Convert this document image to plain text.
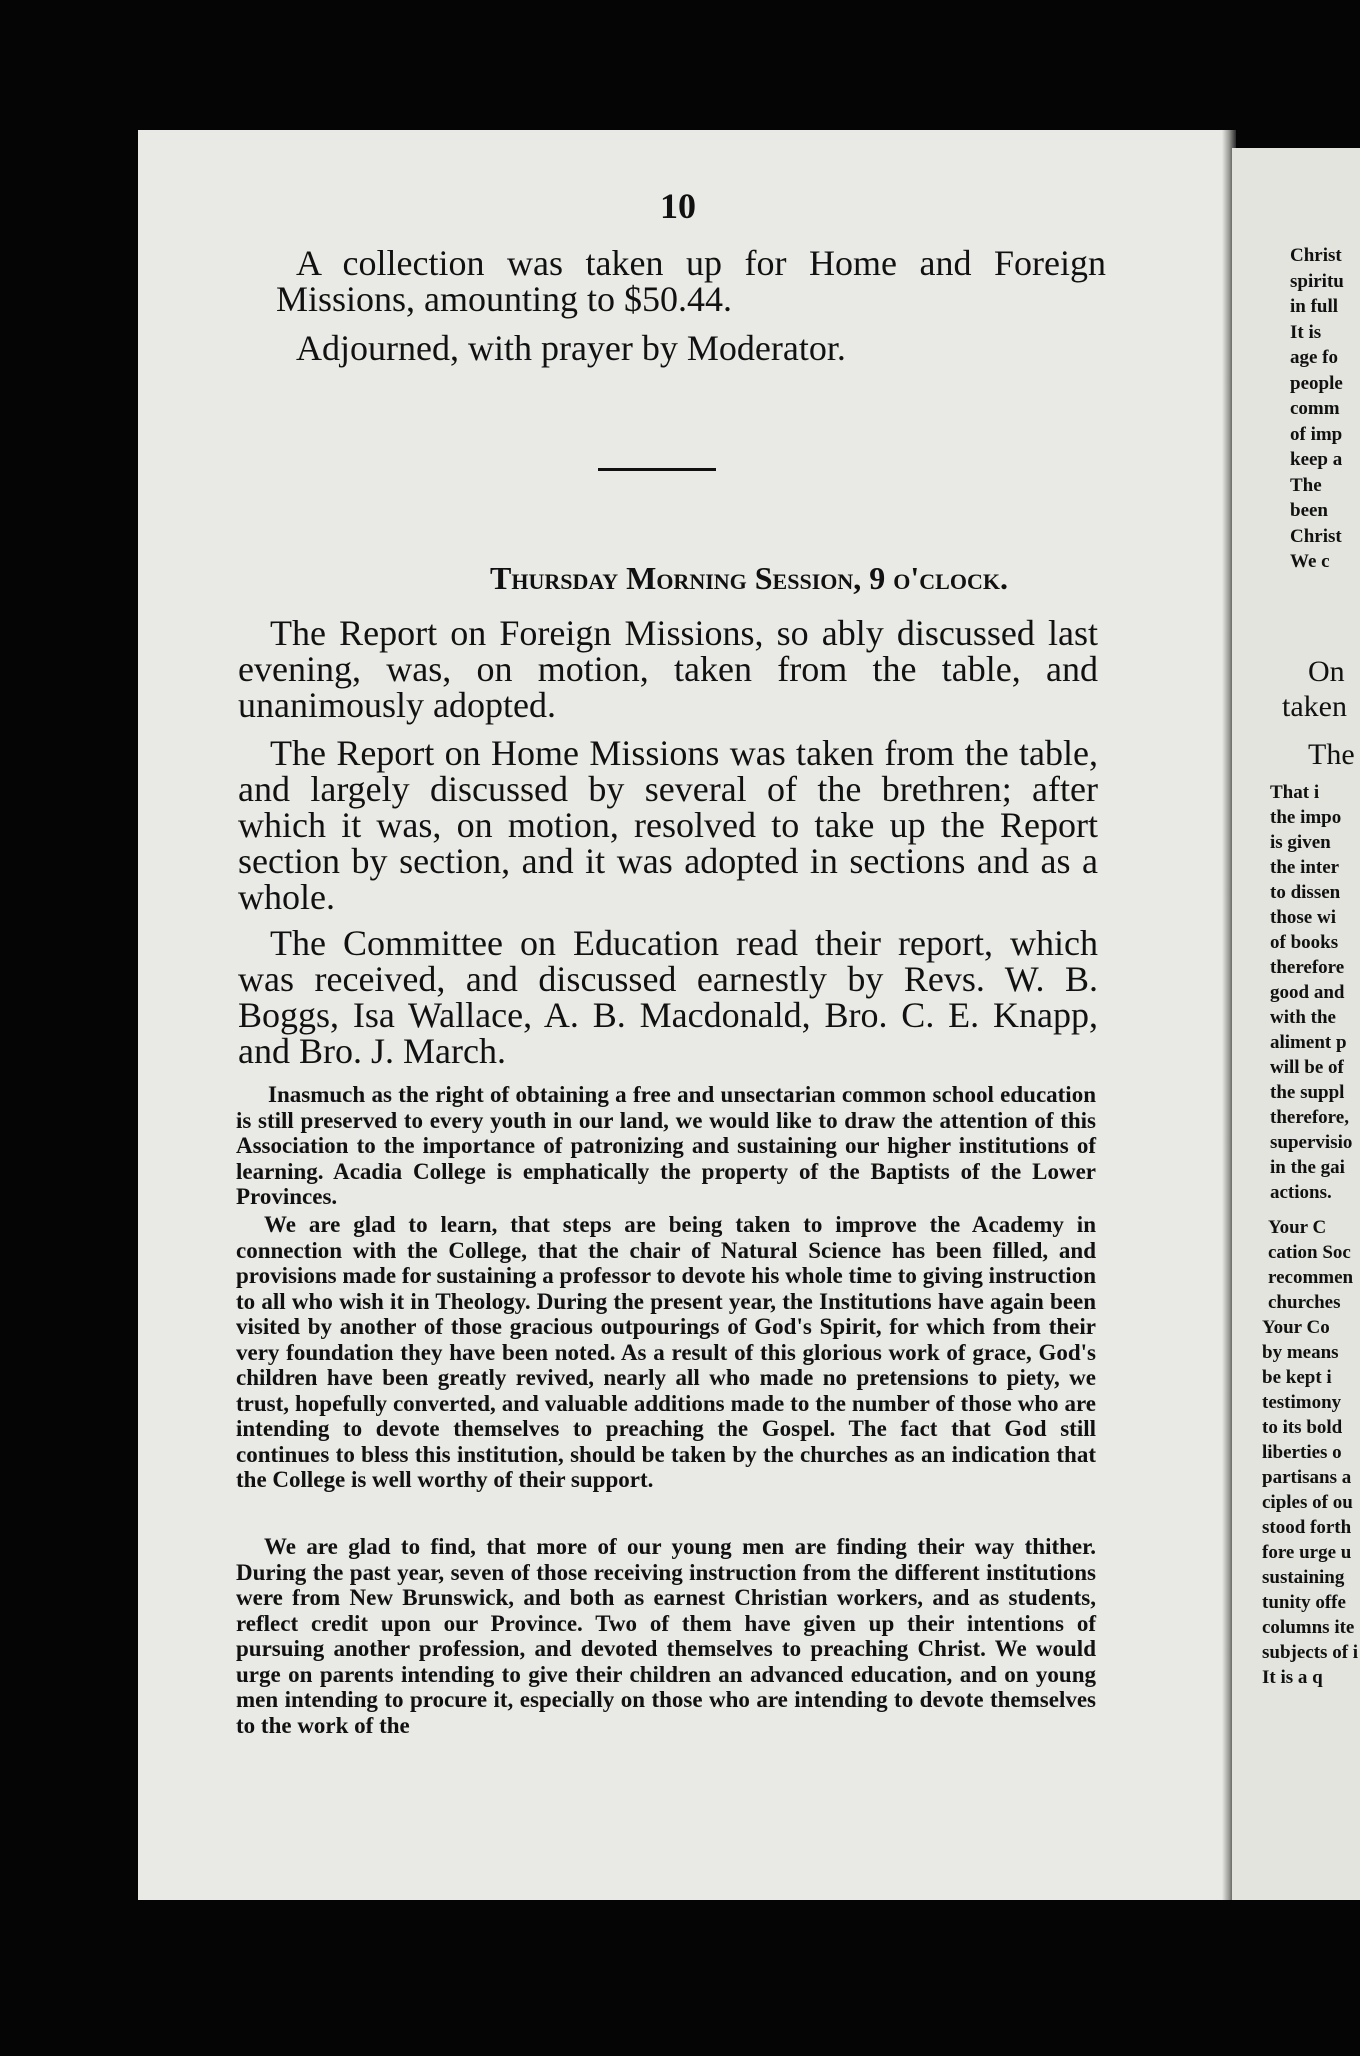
10
A collection was taken up for Home and Foreign Missions, amounting to $50.44.
Adjourned, with prayer by Moderator.
Thursday Morning Session, 9 o'clock.
The Report on Foreign Missions, so ably discussed last evening, was, on motion, taken from the table, and unanimously adopted.
The Report on Home Missions was taken from the table, and largely discussed by several of the brethren; after which it was, on motion, resolved to take up the Report section by section, and it was adopted in sections and as a whole.
The Committee on Education read their report, which was received, and discussed earnestly by Revs. W. B. Boggs, Isa Wallace, A. B. Macdonald, Bro. C. E. Knapp, and Bro. J. March.
Inasmuch as the right of obtaining a free and unsectarian common school education is still preserved to every youth in our land, we would like to draw the attention of this Association to the importance of patronizing and sustaining our higher institutions of learning. Acadia College is emphatically the property of the Baptists of the Lower Provinces.
We are glad to learn, that steps are being taken to improve the Academy in connection with the College, that the chair of Natural Science has been filled, and provisions made for sustaining a professor to devote his whole time to giving instruction to all who wish it in Theology. During the present year, the Institutions have again been visited by another of those gracious outpourings of God's Spirit, for which from their very foundation they have been noted. As a result of this glorious work of grace, God's children have been greatly revived, nearly all who made no pretensions to piety, we trust, hopefully converted, and valuable additions made to the number of those who are intending to devote themselves to preaching the Gospel. The fact that God still continues to bless this institution, should be taken by the churches as an indication that the College is well worthy of their support.
We are glad to find, that more of our young men are finding their way thither. During the past year, seven of those receiving instruction from the different institutions were from New Brunswick, and both as earnest Christian workers, and as students, reflect credit upon our Province. Two of them have given up their intentions of pursuing another profession, and devoted themselves to preaching Christ. We would urge on parents intending to give their children an advanced education, and on young men intending to procure it, especially on those who are intending to devote themselves to the work of the
Christ
spiritu
in full
It is
age fo
people
comm
of imp
keep a
The
been
Christ
We c
On
taken
The
That i
the impo
is given
the inter
to dissen
those wi
of books
therefore
good and
with the
aliment p
will be of
the suppl
therefore,
supervisio
in the gai
actions.
Your C
cation Soc
recommen
churches
Your Co
by means
be kept i
testimony
to its bold
liberties o
partisans a
ciples of ou
stood forth
fore urge u
sustaining
tunity offe
columns ite
subjects of i
It is a q
